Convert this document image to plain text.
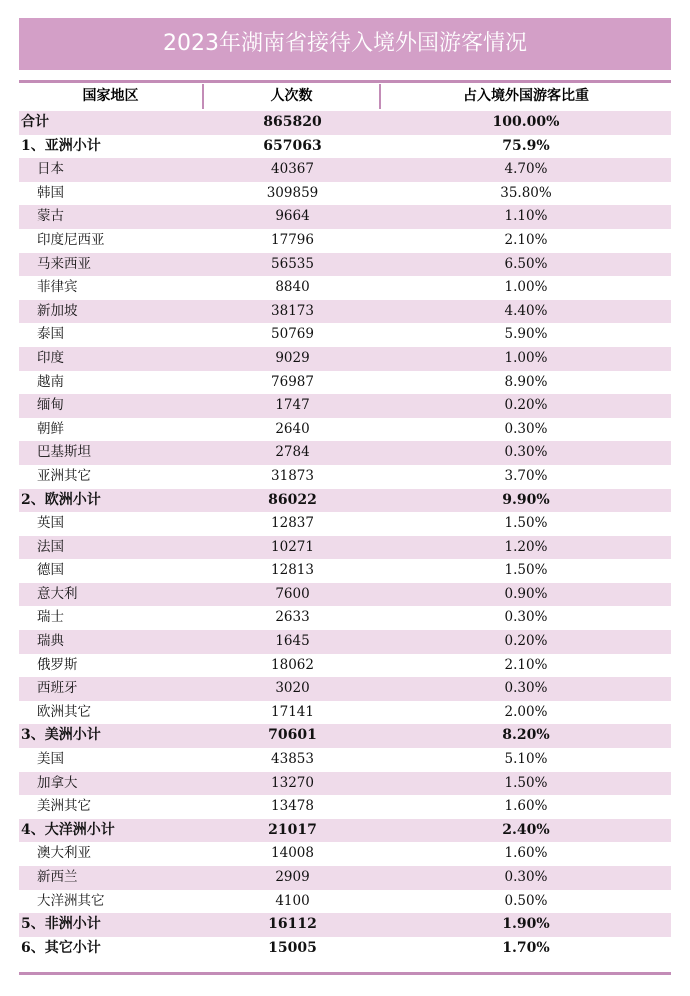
2023年湖南省接待入境外国游客情况
国家地区	人次数	占入境外国游客比重
合计	865820	100.00%
1、亚洲小计	657063	75.9%
日本	40367	4.70%
韩国	309859	35.80%
蒙古	9664	1.10%
印度尼西亚	17796	2.10%
马来西亚	56535	6.50%
菲律宾	8840	1.00%
新加坡	38173	4.40%
泰国	50769	5.90%
印度	9029	1.00%
越南	76987	8.90%
缅甸	1747	0.20%
朝鲜	2640	0.30%
巴基斯坦	2784	0.30%
亚洲其它	31873	3.70%
2、欧洲小计	86022	9.90%
英国	12837	1.50%
法国	10271	1.20%
德国	12813	1.50%
意大利	7600	0.90%
瑞士	2633	0.30%
瑞典	1645	0.20%
俄罗斯	18062	2.10%
西班牙	3020	0.30%
欧洲其它	17141	2.00%
3、美洲小计	70601	8.20%
美国	43853	5.10%
加拿大	13270	1.50%
美洲其它	13478	1.60%
4、大洋洲小计	21017	2.40%
澳大利亚	14008	1.60%
新西兰	2909	0.30%
大洋洲其它	4100	0.50%
5、非洲小计	16112	1.90%
6、其它小计	15005	1.70%
